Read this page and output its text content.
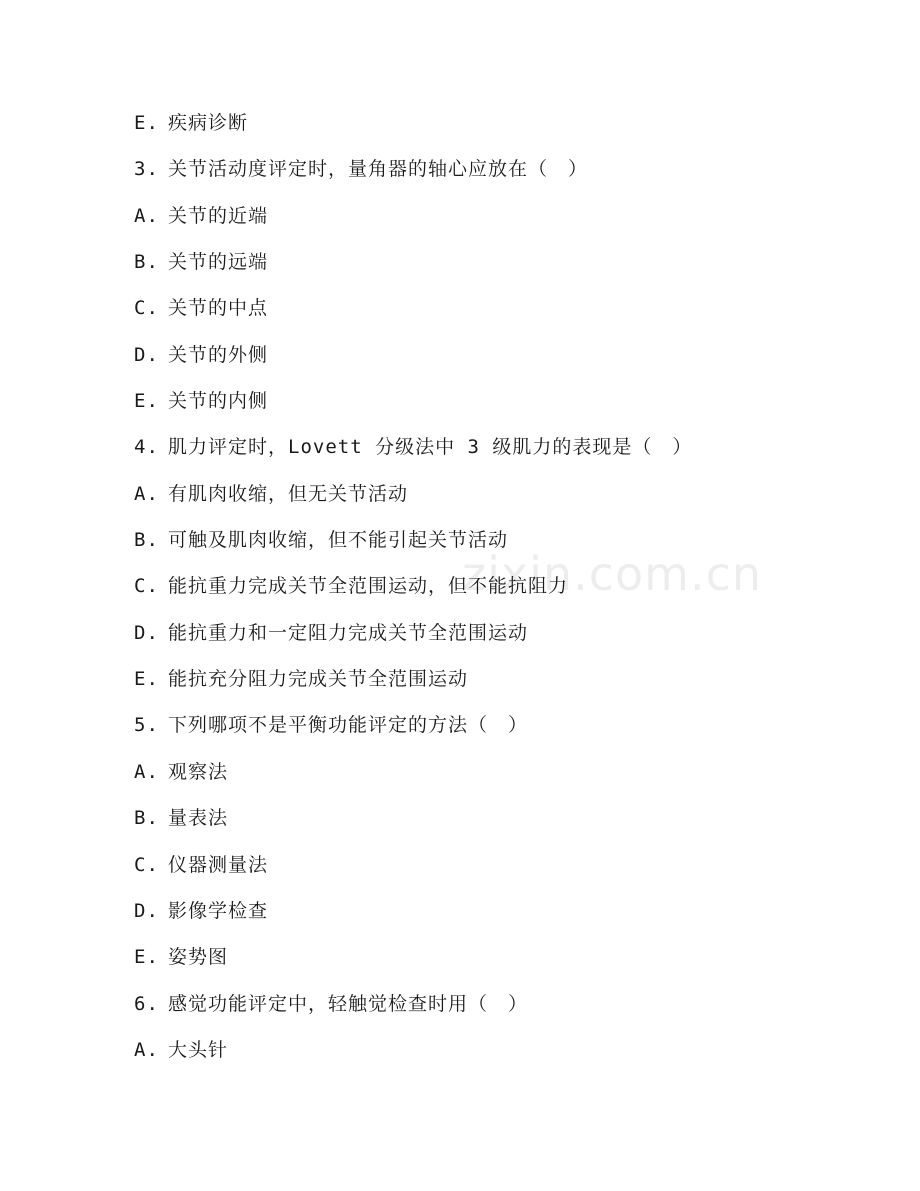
E. 疾病诊断
3. 关节活动度评定时，量角器的轴心应放在（　）
A. 关节的近端
B. 关节的远端
C. 关节的中点
D. 关节的外侧
E. 关节的内侧
4. 肌力评定时，Lovett 分级法中 3 级肌力的表现是（　）
A. 有肌肉收缩，但无关节活动
B. 可触及肌肉收缩，但不能引起关节活动
C. 能抗重力完成关节全范围运动，但不能抗阻力
D. 能抗重力和一定阻力完成关节全范围运动
E. 能抗充分阻力完成关节全范围运动
5. 下列哪项不是平衡功能评定的方法（　）
A. 观察法
B. 量表法
C. 仪器测量法
D. 影像学检查
E. 姿势图
6. 感觉功能评定中，轻触觉检查时用（　）
A. 大头针
zixin.com.cn
